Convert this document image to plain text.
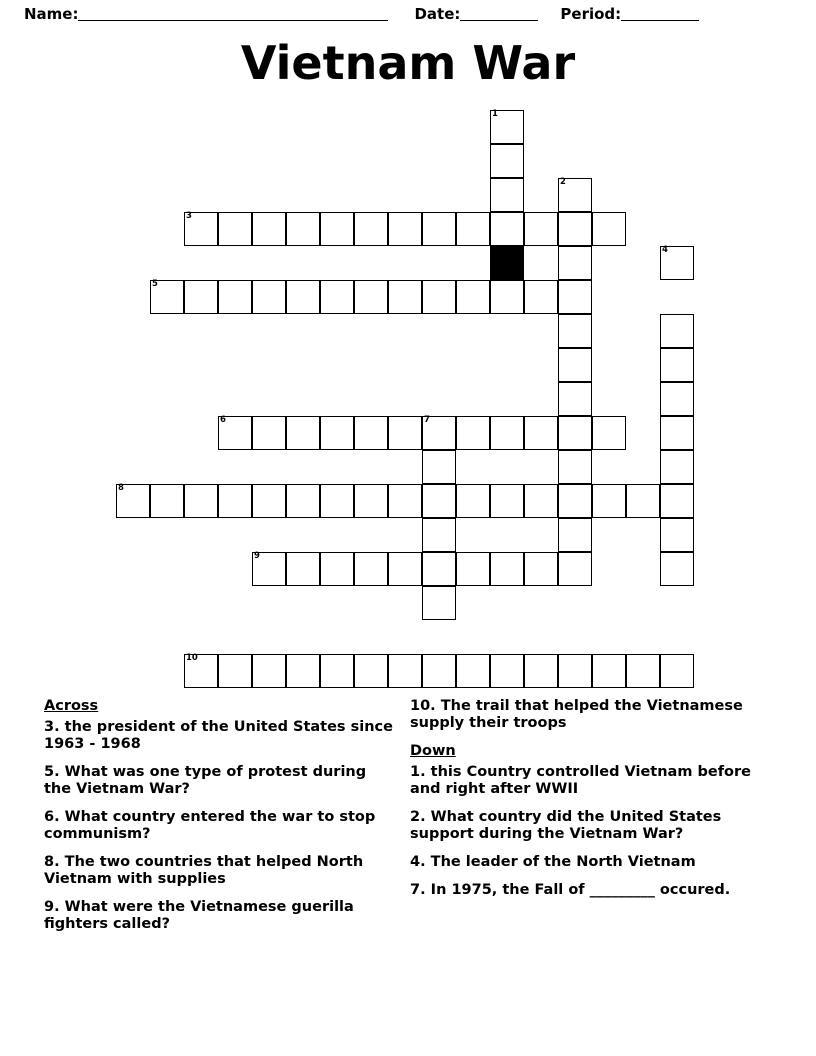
Name:	Date:	Period:
Vietnam War
1
2
3
4
5
6	7
8
9
10
Across
3. the president of the United States since 1963 - 1968
5. What was one type of protest during the Vietnam War?
6. What country entered the war to stop communism?
8. The two countries that helped North Vietnam with supplies
9. What were the Vietnamese guerilla fighters called?
10. The trail that helped the Vietnamese supply their troops
Down
1. this Country controlled Vietnam before and right after WWII
2. What country did the United States support during the Vietnam War?
4. The leader of the North Vietnam
7. In 1975, the Fall of _________ occured.
